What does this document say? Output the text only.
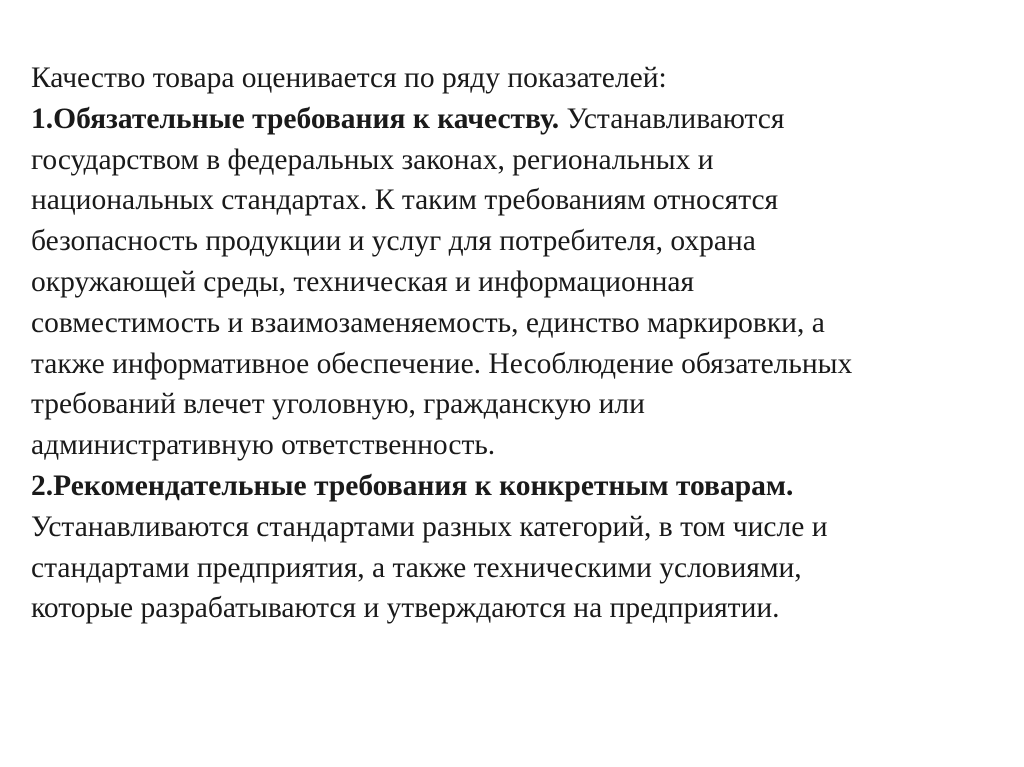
Качество товара оценивается по ряду показателей:
1.Обязательные требования к качеству. Устанавливаются
государством в федеральных законах, региональных и
национальных стандартах. К таким требованиям относятся
безопасность продукции и услуг для потребителя, охрана
окружающей среды, техническая и информационная
совместимость и взаимозаменяемость, единство маркировки, а
также информативное обеспечение. Несоблюдение обязательных
требований влечет уголовную, гражданскую или
административную ответственность.
2.Рекомендательные требования к конкретным товарам.
Устанавливаются стандартами разных категорий, в том числе и
стандартами предприятия, а также техническими условиями,
которые разрабатываются и утверждаются на предприятии.
